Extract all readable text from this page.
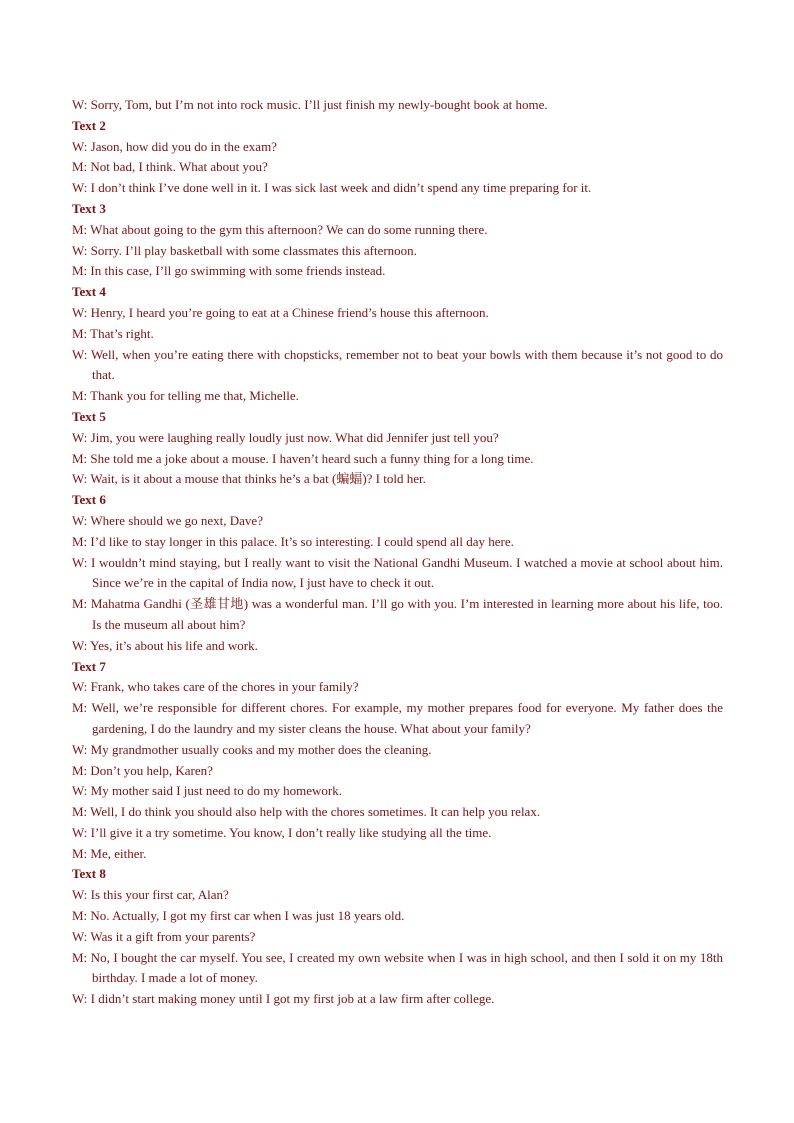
W: Sorry, Tom, but I’m not into rock music. I’ll just finish my newly-bought book at home.
Text 2
W: Jason, how did you do in the exam?
M: Not bad, I think. What about you?
W: I don’t think I’ve done well in it. I was sick last week and didn’t spend any time preparing for it.
Text 3
M: What about going to the gym this afternoon? We can do some running there.
W: Sorry. I’ll play basketball with some classmates this afternoon.
M: In this case, I’ll go swimming with some friends instead.
Text 4
W: Henry, I heard you’re going to eat at a Chinese friend’s house this afternoon.
M: That’s right.
W: Well, when you’re eating there with chopsticks, remember not to beat your bowls with them because it’s not good to do that.
M: Thank you for telling me that, Michelle.
Text 5
W: Jim, you were laughing really loudly just now. What did Jennifer just tell you?
M: She told me a joke about a mouse. I haven’t heard such a funny thing for a long time.
W: Wait, is it about a mouse that thinks he’s a bat (蝙蝠)? I told her.
Text 6
W: Where should we go next, Dave?
M: I’d like to stay longer in this palace. It’s so interesting. I could spend all day here.
W: I wouldn’t mind staying, but I really want to visit the National Gandhi Museum. I watched a movie at school about him. Since we’re in the capital of India now, I just have to check it out.
M: Mahatma Gandhi (圣雄甘地) was a wonderful man. I’ll go with you. I’m interested in learning more about his life, too. Is the museum all about him?
W: Yes, it’s about his life and work.
Text 7
W: Frank, who takes care of the chores in your family?
M: Well, we’re responsible for different chores. For example, my mother prepares food for everyone. My father does the gardening, I do the laundry and my sister cleans the house. What about your family?
W: My grandmother usually cooks and my mother does the cleaning.
M: Don’t you help, Karen?
W: My mother said I just need to do my homework.
M: Well, I do think you should also help with the chores sometimes. It can help you relax.
W: I’ll give it a try sometime. You know, I don’t really like studying all the time.
M: Me, either.
Text 8
W: Is this your first car, Alan?
M: No. Actually, I got my first car when I was just 18 years old.
W: Was it a gift from your parents?
M: No, I bought the car myself. You see, I created my own website when I was in high school, and then I sold it on my 18th birthday. I made a lot of money.
W: I didn’t start making money until I got my first job at a law firm after college.
